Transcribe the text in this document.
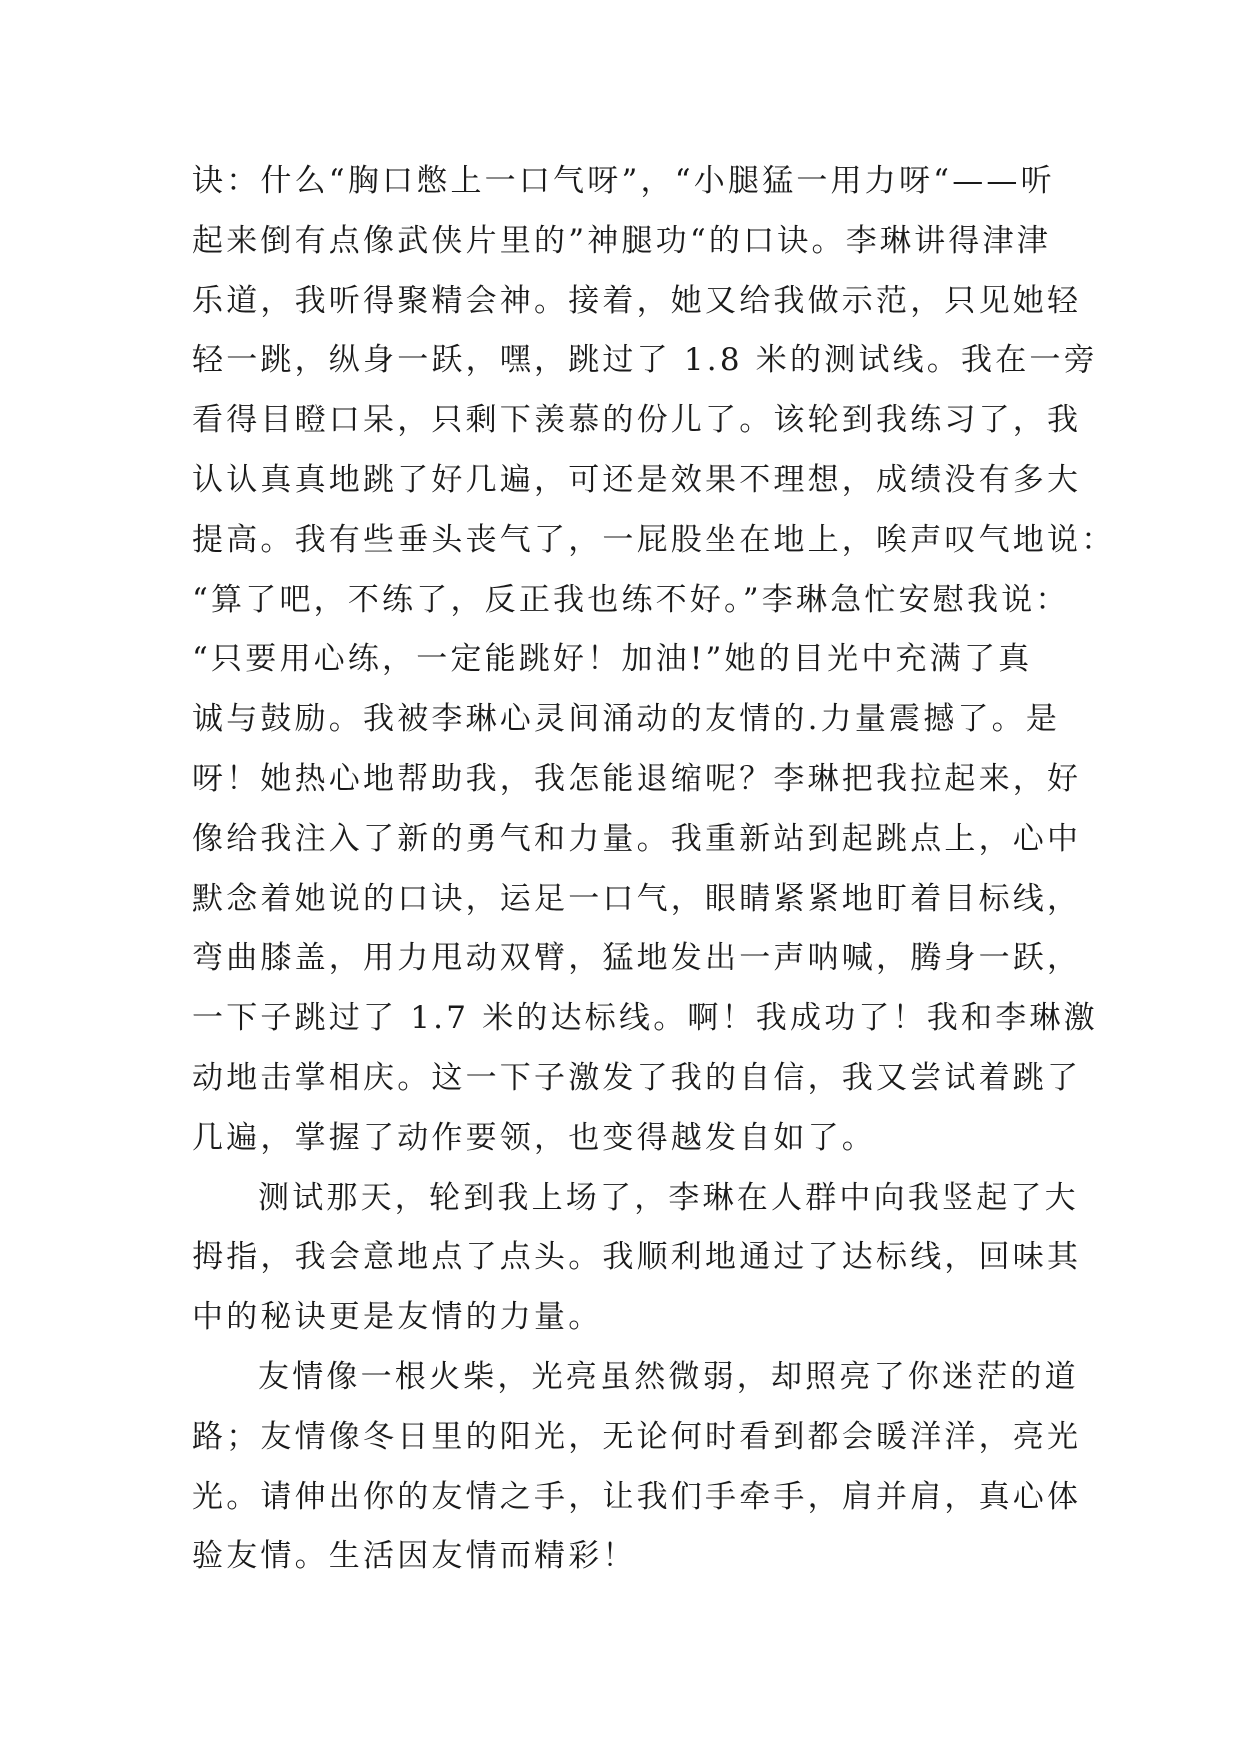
诀：什么“胸口憋上一口气呀”，“小腿猛一用力呀“——听
起来倒有点像武侠片里的”神腿功“的口诀。李琳讲得津津
乐道，我听得聚精会神。接着，她又给我做示范，只见她轻
轻一跳，纵身一跃，嘿，跳过了 1.8 米的测试线。我在一旁
看得目瞪口呆，只剩下羡慕的份儿了。该轮到我练习了，我
认认真真地跳了好几遍，可还是效果不理想，成绩没有多大
提高。我有些垂头丧气了，一屁股坐在地上，唉声叹气地说：
“算了吧，不练了，反正我也练不好。”李琳急忙安慰我说：
“只要用心练，一定能跳好！加油!”她的目光中充满了真
诚与鼓励。我被李琳心灵间涌动的友情的.力量震撼了。是
呀！她热心地帮助我，我怎能退缩呢？李琳把我拉起来，好
像给我注入了新的勇气和力量。我重新站到起跳点上，心中
默念着她说的口诀，运足一口气，眼睛紧紧地盯着目标线，
弯曲膝盖，用力甩动双臂，猛地发出一声呐喊，腾身一跃，
一下子跳过了 1.7 米的达标线。啊！我成功了！我和李琳激
动地击掌相庆。这一下子激发了我的自信，我又尝试着跳了
几遍，掌握了动作要领，也变得越发自如了。
测试那天，轮到我上场了，李琳在人群中向我竖起了大
拇指，我会意地点了点头。我顺利地通过了达标线，回味其
中的秘诀更是友情的力量。
友情像一根火柴，光亮虽然微弱，却照亮了你迷茫的道
路；友情像冬日里的阳光，无论何时看到都会暖洋洋，亮光
光。请伸出你的友情之手，让我们手牵手，肩并肩，真心体
验友情。生活因友情而精彩！
